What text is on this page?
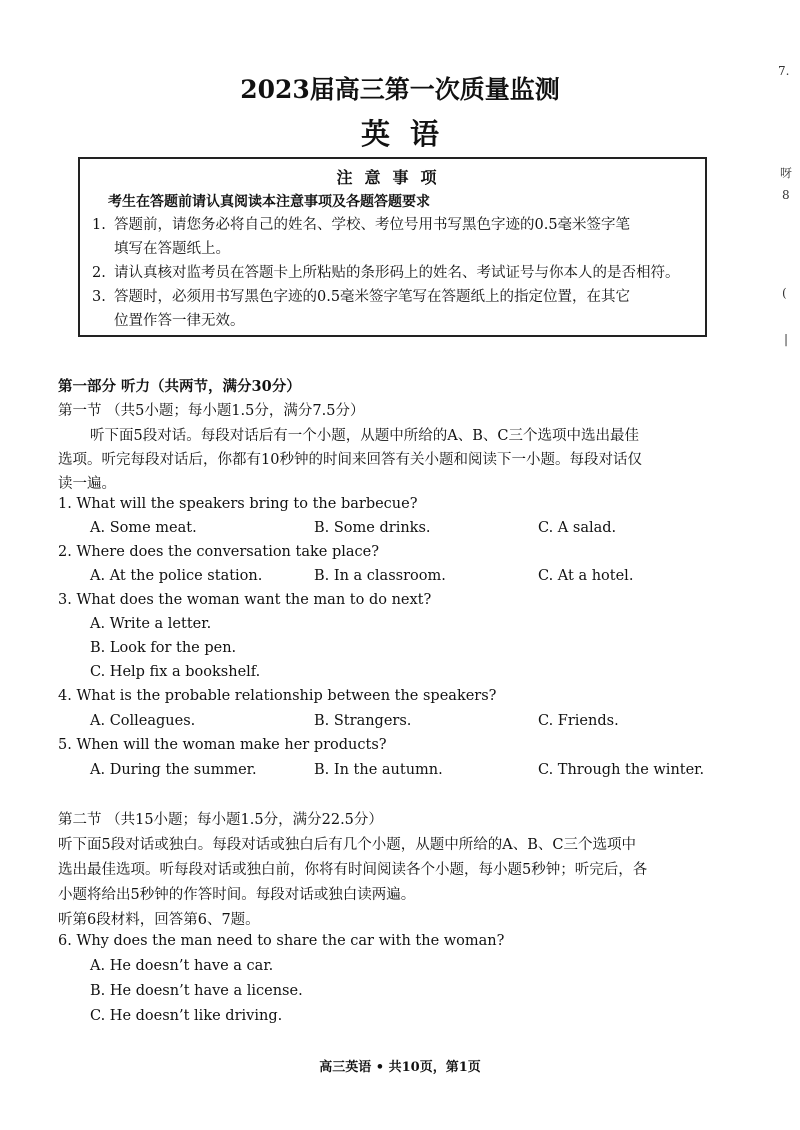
2023届高三第一次质量监测
英语
7.
呀
8
(
|
注意事项
考生在答题前请认真阅读本注意事项及各题答题要求
1. 答题前，请您务必将自己的姓名、学校、考位号用书写黑色字迹的0.5毫米签字笔
填写在答题纸上。
2. 请认真核对监考员在答题卡上所粘贴的条形码上的姓名、考试证号与你本人的是否相符。
3. 答题时，必须用书写黑色字迹的0.5毫米签字笔写在答题纸上的指定位置，在其它
位置作答一律无效。
第一部分 听力（共两节，满分30分）
第一节 （共5小题；每小题1.5分，满分7.5分）
听下面5段对话。每段对话后有一个小题，从题中所给的A、B、C三个选项中选出最佳
选项。听完每段对话后，你都有10秒钟的时间来回答有关小题和阅读下一小题。每段对话仅
读一遍。
1. What will the speakers bring to the barbecue?
A. Some meat.	B. Some drinks.	C. A salad.
2. Where does the conversation take place?
A. At the police station.	B. In a classroom.	C. At a hotel.
3. What does the woman want the man to do next?
A. Write a letter.
B. Look for the pen.
C. Help fix a bookshelf.
4. What is the probable relationship between the speakers?
A. Colleagues.	B. Strangers.	C. Friends.
5. When will the woman make her products?
A. During the summer.	B. In the autumn.	C. Through the winter.
第二节 （共15小题；每小题1.5分，满分22.5分）
听下面5段对话或独白。每段对话或独白后有几个小题，从题中所给的A、B、C三个选项中
选出最佳选项。听每段对话或独白前，你将有时间阅读各个小题，每小题5秒钟；听完后，各
小题将给出5秒钟的作答时间。每段对话或独白读两遍。
听第6段材料，回答第6、7题。
6. Why does the man need to share the car with the woman?
A. He doesn’t have a car.
B. He doesn’t have a license.
C. He doesn’t like driving.
高三英语 • 共10页，第1页
